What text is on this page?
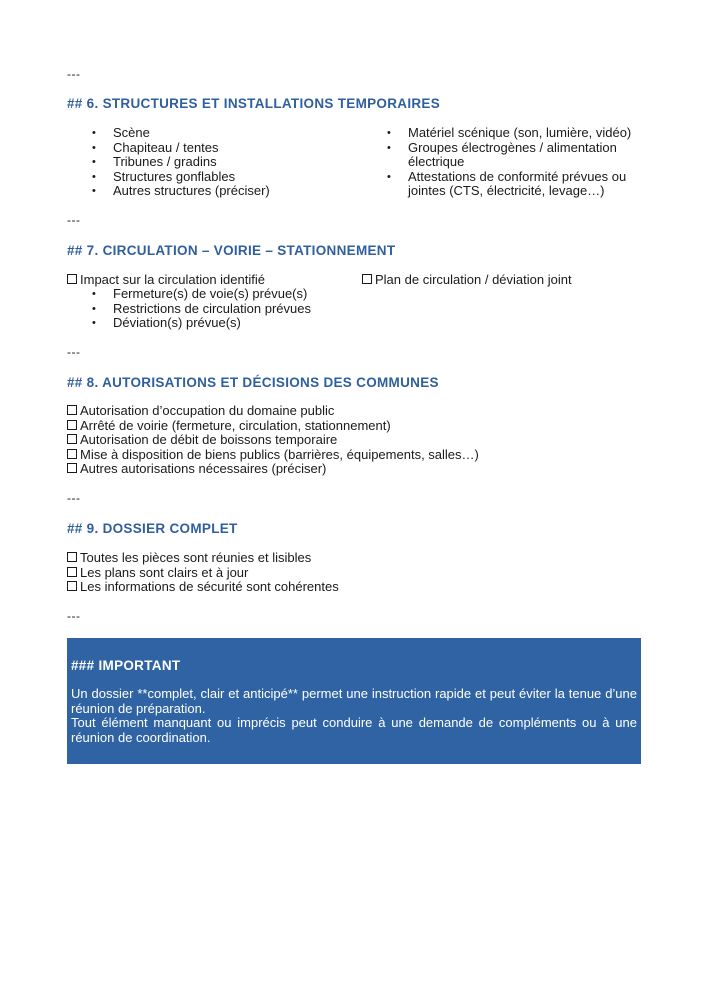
---
## 6. STRUCTURES ET INSTALLATIONS TEMPORAIRES
• Scène
• Chapiteau / tentes
• Tribunes / gradins
• Structures gonflables
• Autres structures (préciser)
• Matériel scénique (son, lumière, vidéo)
• Groupes électrogènes / alimentation électrique
• Attestations de conformité prévues ou jointes (CTS, électricité, levage…)
---
## 7. CIRCULATION – VOIRIE – STATIONNEMENT
Impact sur la circulation identifié	Plan de circulation / déviation joint
• Fermeture(s) de voie(s) prévue(s)
• Restrictions de circulation prévues
• Déviation(s) prévue(s)
---
## 8. AUTORISATIONS ET DÉCISIONS DES COMMUNES
Autorisation d’occupation du domaine public
Arrêté de voirie (fermeture, circulation, stationnement)
Autorisation de débit de boissons temporaire
Mise à disposition de biens publics (barrières, équipements, salles…)
Autres autorisations nécessaires (préciser)
---
## 9. DOSSIER COMPLET
Toutes les pièces sont réunies et lisibles
Les plans sont clairs et à jour
Les informations de sécurité sont cohérentes
---
### IMPORTANT

Un dossier **complet, clair et anticipé** permet une instruction rapide et peut éviter la tenue d’une réunion de préparation.

Tout élément manquant ou imprécis peut conduire à une demande de compléments ou à une réunion de coordination.
